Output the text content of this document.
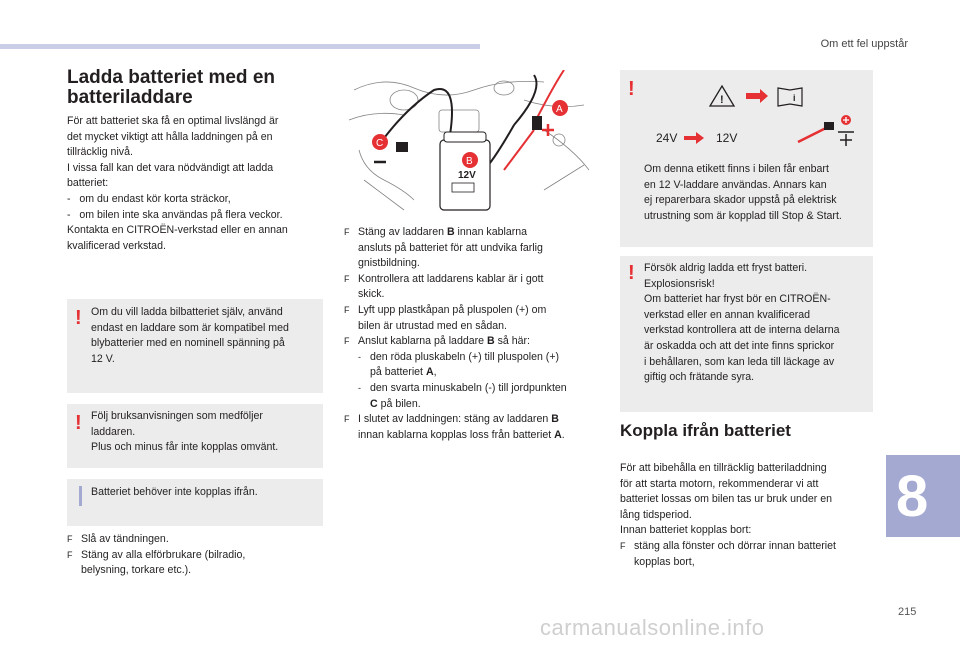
Om ett fel uppstår
8
215
carmanualsonline.info
Ladda batteriet med en
batteriladdare
För att batteriet ska få en optimal livslängd är
det mycket viktigt att hålla laddningen på en
tillräcklig nivå.
I vissa fall kan det vara nödvändigt att ladda
batteriet:
-   om du endast kör korta sträckor,
-   om bilen inte ska användas på flera veckor.
Kontakta en CITROËN-verkstad eller en annan
kvalificerad verkstad.
! Om du vill ladda bilbatteriet själv, använd
endast en laddare som är kompatibel med
blybatterier med en nominell spänning på
12 V.
! Följ bruksanvisningen som medföljer
laddaren.
Plus och minus får inte kopplas omvänt.
Batteriet behöver inte kopplas ifrån.
F Slå av tändningen.
F Stäng av alla elförbrukare (bilradio,
belysning, torkare etc.).
12V
B
A
C
F Stäng av laddaren B innan kablarna
ansluts på batteriet för att undvika farlig
gnistbildning.
F Kontrollera att laddarens kablar är i gott
skick.
F Lyft upp plastkåpan på pluspolen (+) om
bilen är utrustad med en sådan.
F Anslut kablarna på laddare B så här:
- den röda pluskabeln (+) till pluspolen (+)
på batteriet A,
- den svarta minuskabeln (-) till jordpunkten
C på bilen.
F I slutet av laddningen: stäng av laddaren B
innan kablarna kopplas loss från batteriet A.
!	!	i
24V	12V
Om denna etikett finns i bilen får enbart
en 12 V-laddare användas. Annars kan
ej reparerbara skador uppstå på elektrisk
utrustning som är kopplad till Stop & Start.
! Försök aldrig ladda ett fryst batteri.
Explosionsrisk!
Om batteriet har fryst bör en CITROËN-
verkstad eller en annan kvalificerad
verkstad kontrollera att de interna delarna
är oskadda och att det inte finns sprickor
i behållaren, som kan leda till läckage av
giftig och frätande syra.
Koppla ifrån batteriet
För att bibehålla en tillräcklig batteriladdning
för att starta motorn, rekommenderar vi att
batteriet lossas om bilen tas ur bruk under en
lång tidsperiod.
Innan batteriet kopplas bort:
F stäng alla fönster och dörrar innan batteriet
kopplas bort,
